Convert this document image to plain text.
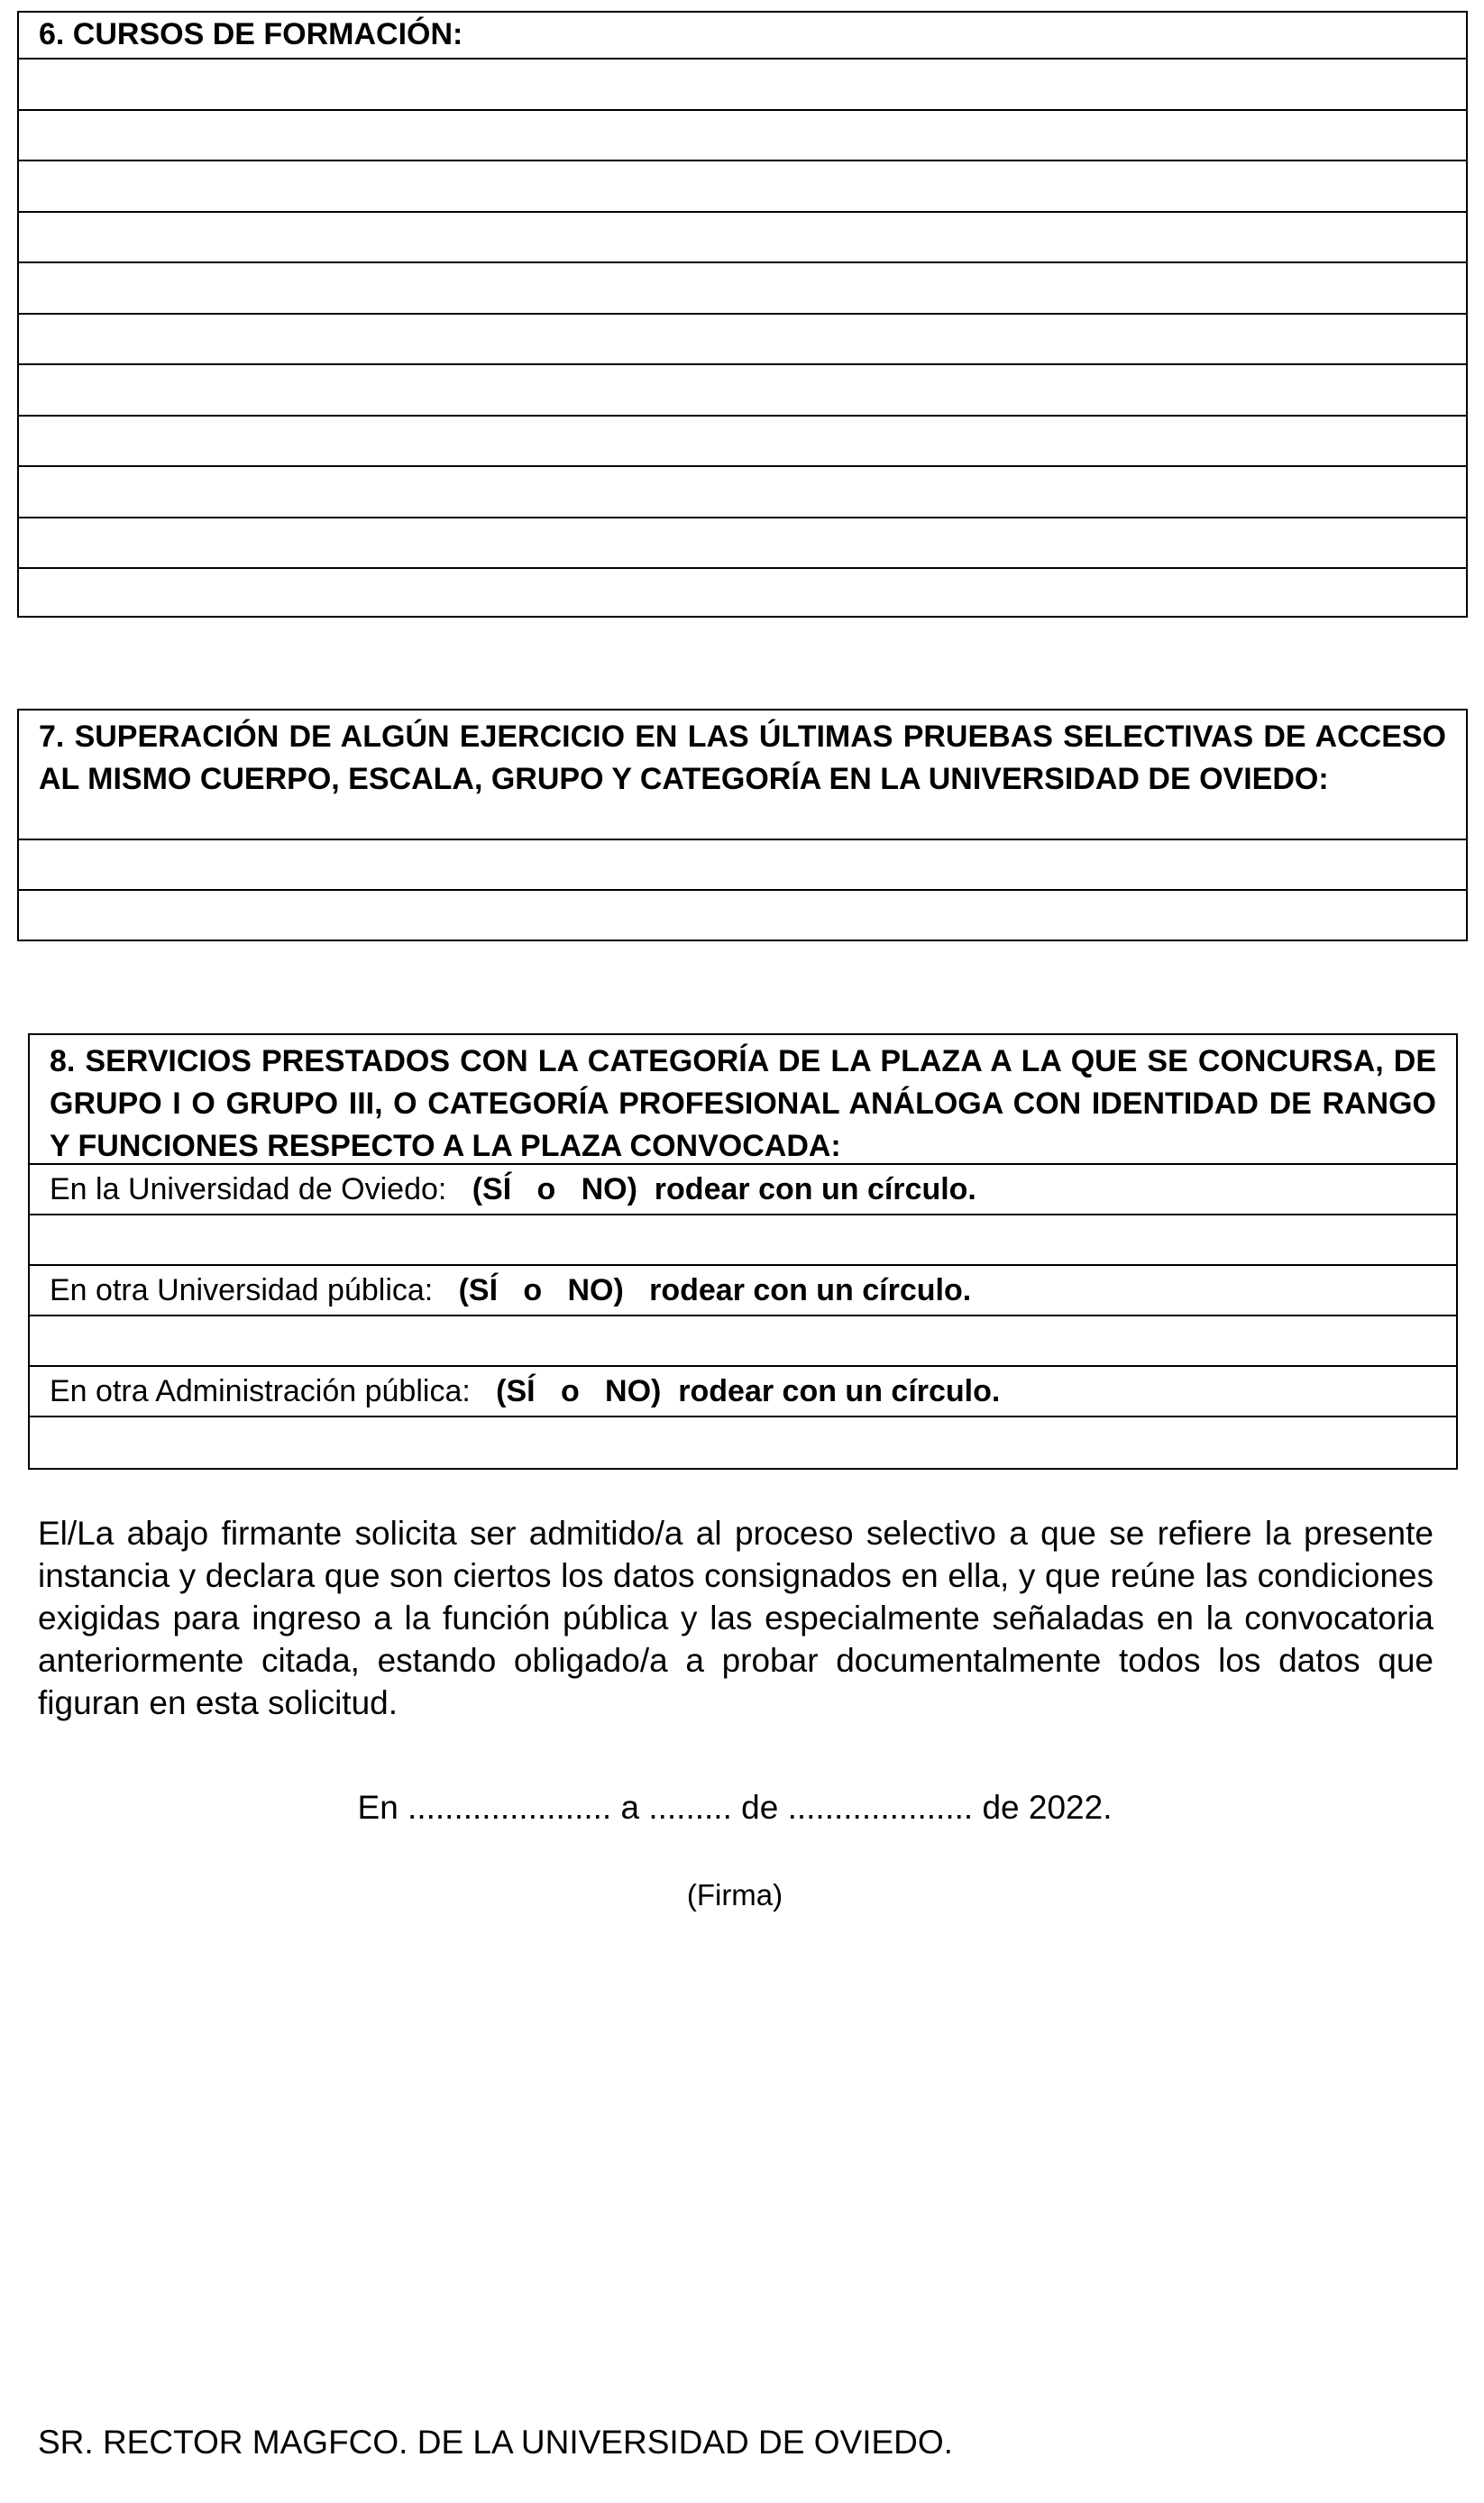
6. CURSOS DE FORMACIÓN:
7. SUPERACIÓN DE ALGÚN EJERCICIO EN LAS ÚLTIMAS PRUEBAS SELECTIVAS DE ACCESO AL MISMO CUERPO, ESCALA, GRUPO Y CATEGORÍA EN LA UNIVERSIDAD DE OVIEDO:
8. SERVICIOS PRESTADOS CON LA CATEGORÍA DE LA PLAZA A LA QUE SE CONCURSA, DE GRUPO I O GRUPO III, O CATEGORÍA PROFESIONAL ANÁLOGA CON IDENTIDAD DE RANGO Y FUNCIONES RESPECTO A LA PLAZA CONVOCADA:
En la Universidad de Oviedo:   (SÍ   o   NO)  rodear con un círculo.
En otra Universidad pública:   (SÍ   o   NO)   rodear con un círculo.
En otra Administración pública:   (SÍ   o   NO)  rodear con un círculo.
El/La abajo firmante solicita ser admitido/a al proceso selectivo a que se refiere la presente instancia y declara que son ciertos los datos consignados en ella, y que reúne las condiciones exigidas para ingreso a la función pública y las especialmente señaladas en la convocatoria anteriormente citada, estando obligado/a a probar documentalmente todos los datos que figuran en esta solicitud.
En ...................... a ......... de .................... de 2022.
(Firma)
SR. RECTOR MAGFCO. DE LA UNIVERSIDAD DE OVIEDO.
